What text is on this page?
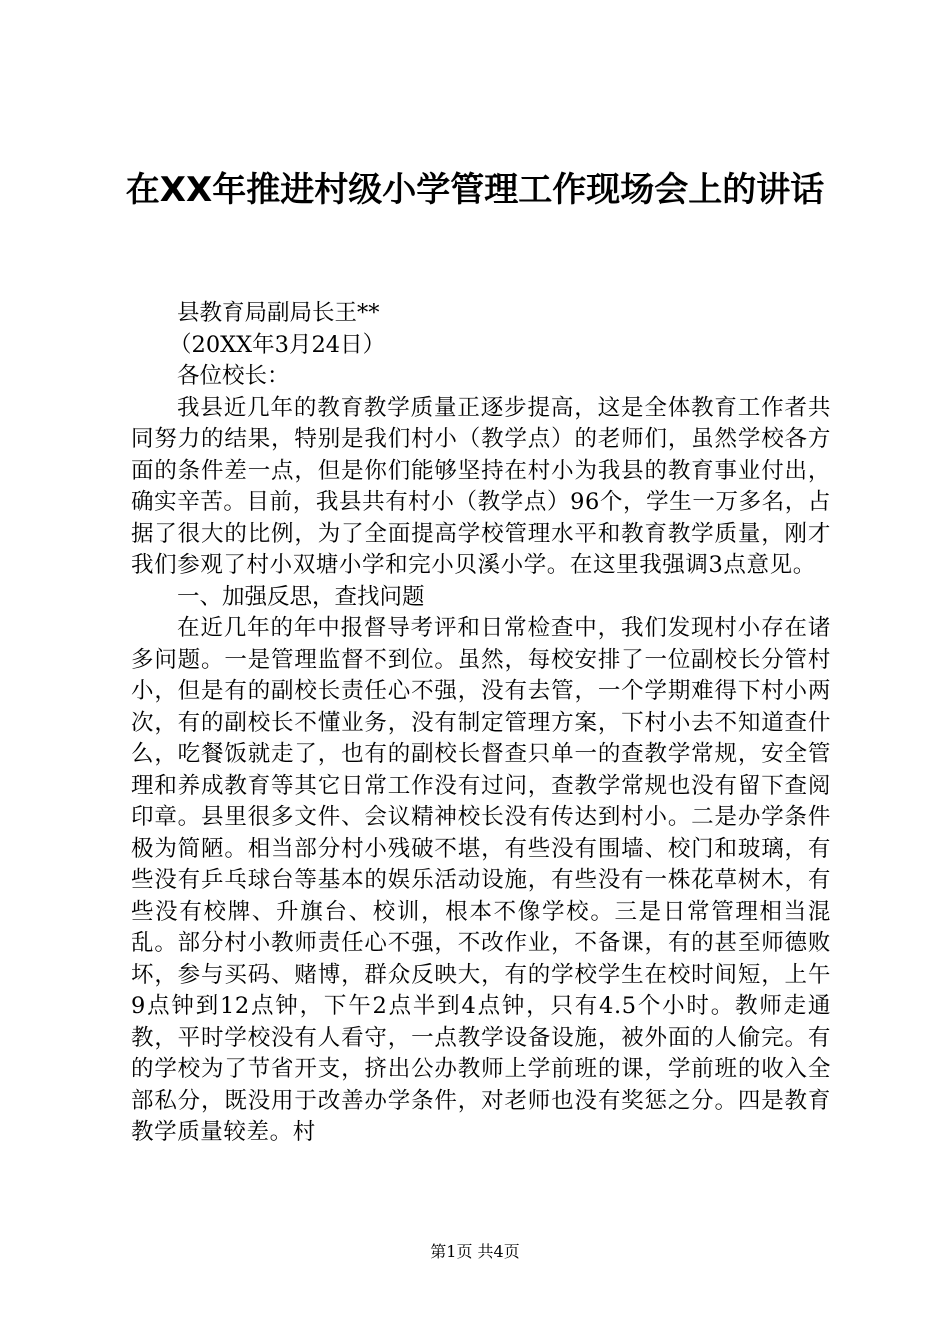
在XX年推进村级小学管理工作现场会上的讲话

县教育局副局长王**

（20XX年3月24日）

各位校长：

我县近几年的教育教学质量正逐步提高，这是全体教育工作者共同努力的结果，特别是我们村小（教学点）的老师们，虽然学校各方面的条件差一点，但是你们能够坚持在村小为我县的教育事业付出，确实辛苦。目前，我县共有村小（教学点）96个，学生一万多名，占据了很大的比例，为了全面提高学校管理水平和教育教学质量，刚才我们参观了村小双塘小学和完小贝溪小学。在这里我强调3点意见。

一、加强反思，查找问题

在近几年的年中报督导考评和日常检查中，我们发现村小存在诸多问题。一是管理监督不到位。虽然，每校安排了一位副校长分管村小，但是有的副校长责任心不强，没有去管，一个学期难得下村小两次，有的副校长不懂业务，没有制定管理方案，下村小去不知道查什么，吃餐饭就走了，也有的副校长督查只单一的查教学常规，安全管理和养成教育等其它日常工作没有过问，查教学常规也没有留下查阅印章。县里很多文件、会议精神校长没有传达到村小。二是办学条件极为简陋。相当部分村小残破不堪，有些没有围墙、校门和玻璃，有些没有乒乓球台等基本的娱乐活动设施，有些没有一株花草树木，有些没有校牌、升旗台、校训，根本不像学校。三是日常管理相当混乱。部分村小教师责任心不强，不改作业，不备课，有的甚至师德败坏，参与买码、赌博，群众反映大，有的学校学生在校时间短，上午9点钟到12点钟，下午2点半到4点钟，只有4.5个小时。教师走通教，平时学校没有人看守，一点教学设备设施，被外面的人偷完。有的学校为了节省开支，挤出公办教师上学前班的课，学前班的收入全部私分，既没用于改善办学条件，对老师也没有奖惩之分。四是教育教学质量较差。村

第1页 共4页
